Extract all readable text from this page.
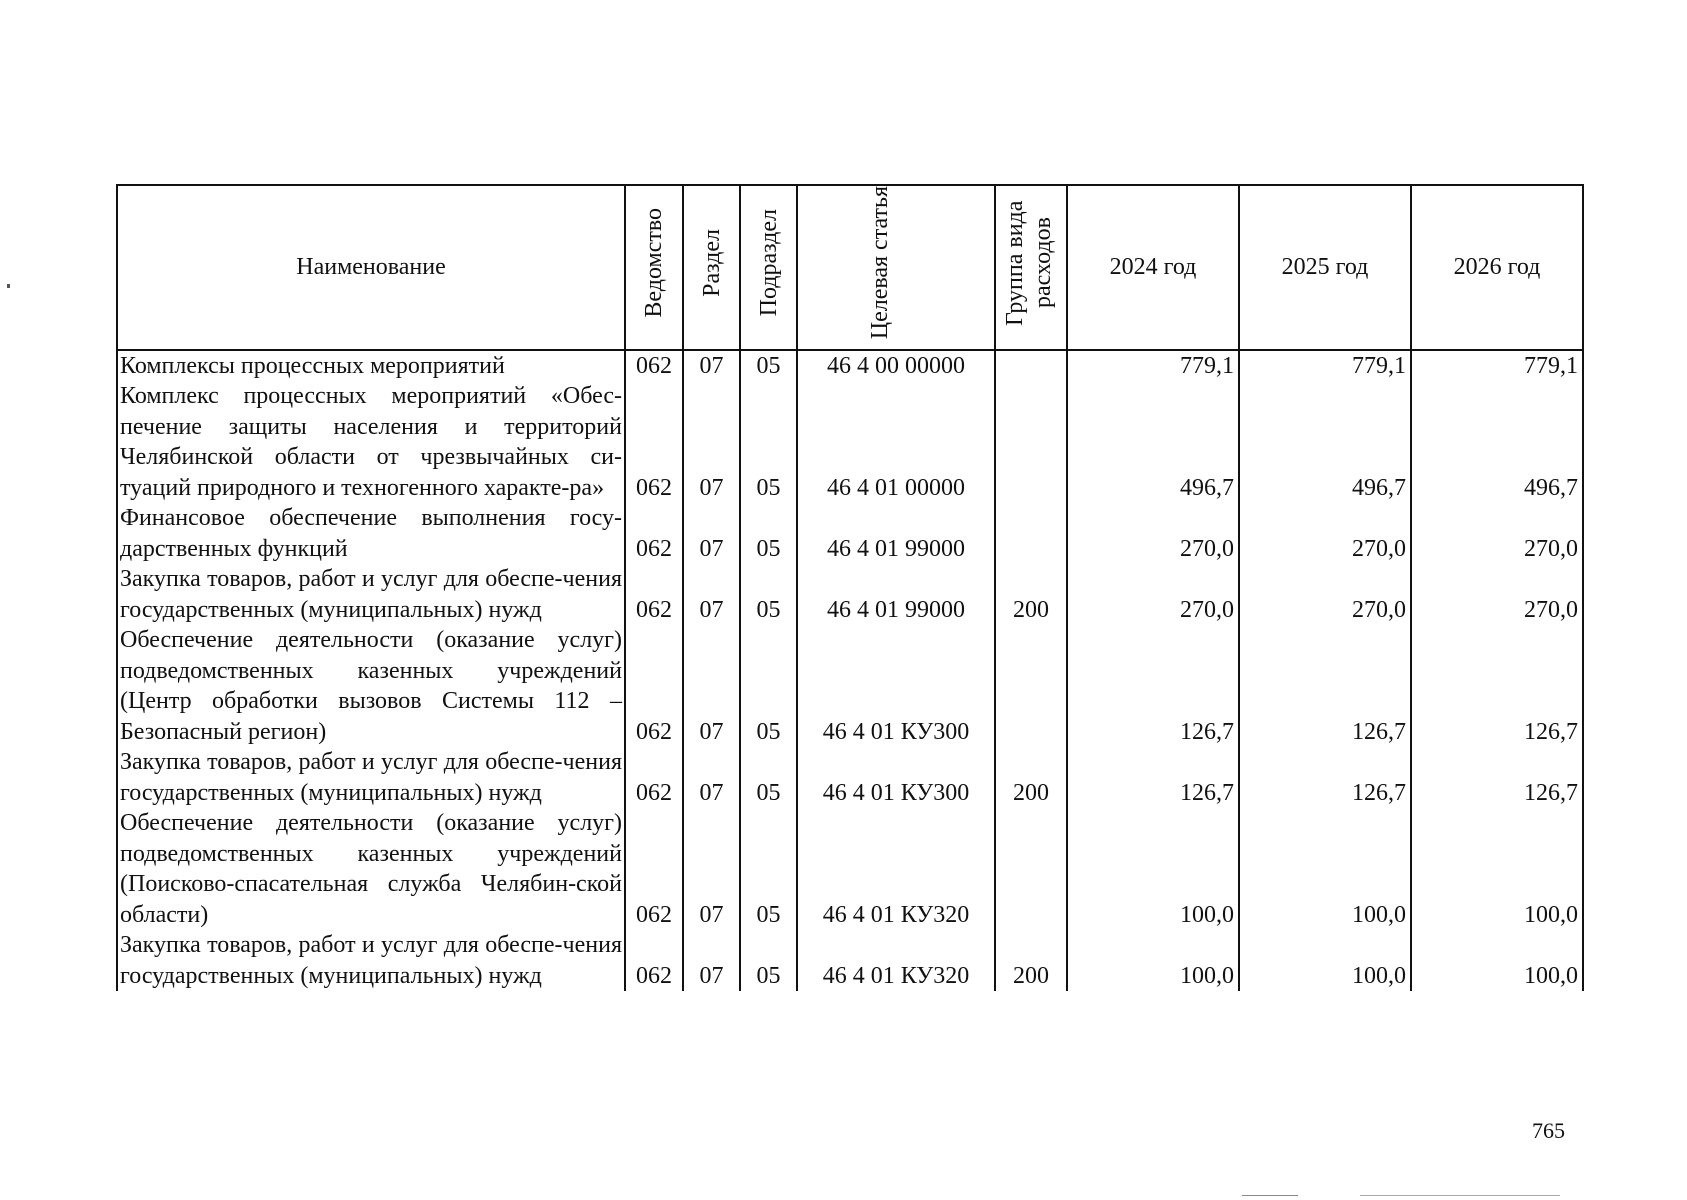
Наименование	Ведомство	Раздел	Подраздел	Целевая статья	Группа вида расходов	2024 год	2025 год	2026 год
Комплексы процессных мероприятий	062	07	05	46 4 00 00000		779,1	779,1	779,1
Комплекс процессных мероприятий «Обес-печение защиты населения и территорий Челябинской области от чрезвычайных си-туаций природного и техногенного характе-ра»	062	07	05	46 4 01 00000		496,7	496,7	496,7
Финансовое обеспечение выполнения госу-дарственных функций	062	07	05	46 4 01 99000		270,0	270,0	270,0
Закупка товаров, работ и услуг для обеспе-чения государственных (муниципальных) нужд	062	07	05	46 4 01 99000	200	270,0	270,0	270,0
Обеспечение деятельности (оказание услуг) подведомственных казенных учреждений (Центр обработки вызовов Системы 112 – Безопасный регион)	062	07	05	46 4 01 КУ300		126,7	126,7	126,7
Закупка товаров, работ и услуг для обеспе-чения государственных (муниципальных) нужд	062	07	05	46 4 01 КУ300	200	126,7	126,7	126,7
Обеспечение деятельности (оказание услуг) подведомственных казенных учреждений (Поисково-спасательная служба Челябин-ской области)	062	07	05	46 4 01 КУ320		100,0	100,0	100,0
Закупка товаров, работ и услуг для обеспе-чения государственных (муниципальных) нужд	062	07	05	46 4 01 КУ320	200	100,0	100,0	100,0
765
